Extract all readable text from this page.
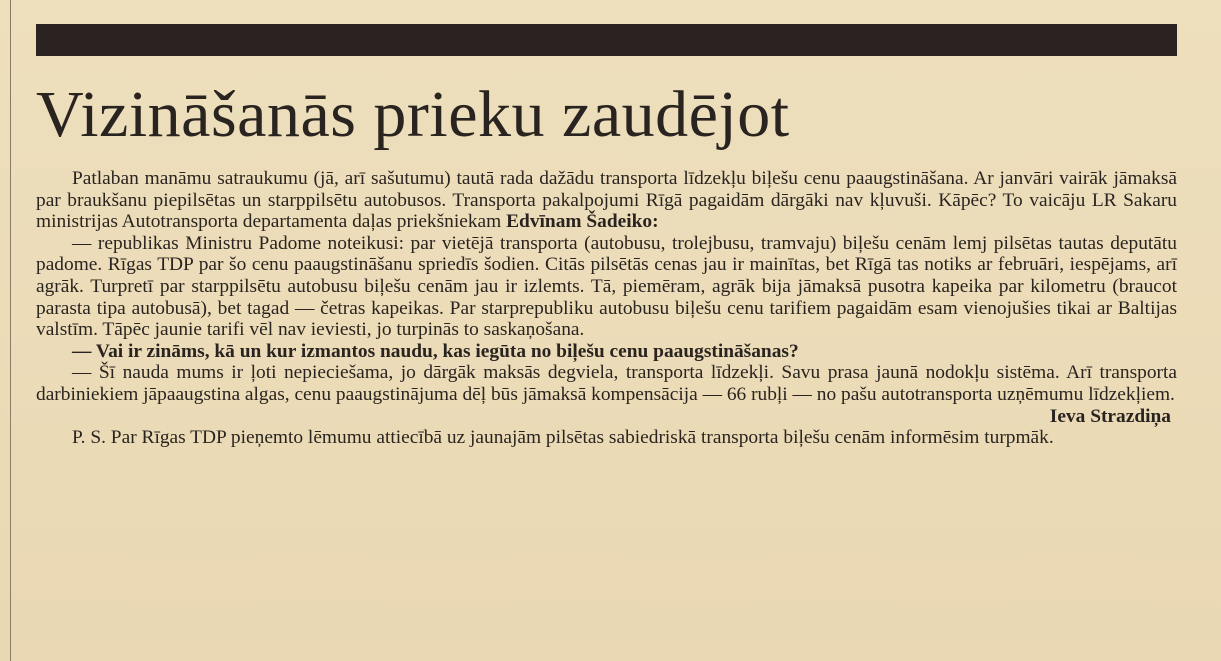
Vizināšanās prieku zaudējot

Patlaban manāmu satraukumu (jā, arī sašutumu) tautā rada dažādu transporta līdzekļu biļešu cenu paaugstināšana. Ar janvāri vairāk jāmaksā par braukšanu piepilsētas un starppilsētu autobusos. Transporta pakalpojumi Rīgā pagaidām dārgāki nav kļuvuši. Kāpēc? To vaicāju LR Sakaru ministrijas Autotransporta departamenta daļas priekšniekam Edvīnam Šadeiko:

— republikas Ministru Padome noteikusi: par vietējā transporta (autobusu, trolejbusu, tramvaju) biļešu cenām lemj pilsētas tautas deputātu padome. Rīgas TDP par šo cenu paaugstināšanu spriedīs šodien. Citās pilsētās cenas jau ir mainītas, bet Rīgā tas notiks ar februāri, iespējams, arī agrāk. Turpretī par starppilsētu autobusu biļešu cenām jau ir izlemts. Tā, piemēram, agrāk bija jāmaksā pusotra kapeika par kilometru (braucot parasta tipa autobusā), bet tagad — četras kapeikas. Par starprepubliku autobusu biļešu cenu tarifiem pagaidām esam vienojušies tikai ar Baltijas valstīm. Tāpēc jaunie tarifi vēl nav ieviesti, jo turpinās to saskaņošana.

— Vai ir zināms, kā un kur izmantos naudu, kas iegūta no biļešu cenu paaugstināšanas?

— Šī nauda mums ir ļoti nepieciešama, jo dārgāk maksās degviela, transporta līdzekļi. Savu prasa jaunā nodokļu sistēma. Arī transporta darbiniekiem jāpaaugstina algas, cenu paaugstinājuma dēļ būs jāmaksā kompensācija — 66 rubļi — no pašu autotransporta uzņēmumu līdzekļiem.

Ieva Strazdiņa

P. S. Par Rīgas TDP pieņemto lēmumu attiecībā uz jaunajām pilsētas sabiedriskā transporta biļešu cenām informēsim turpmāk.
